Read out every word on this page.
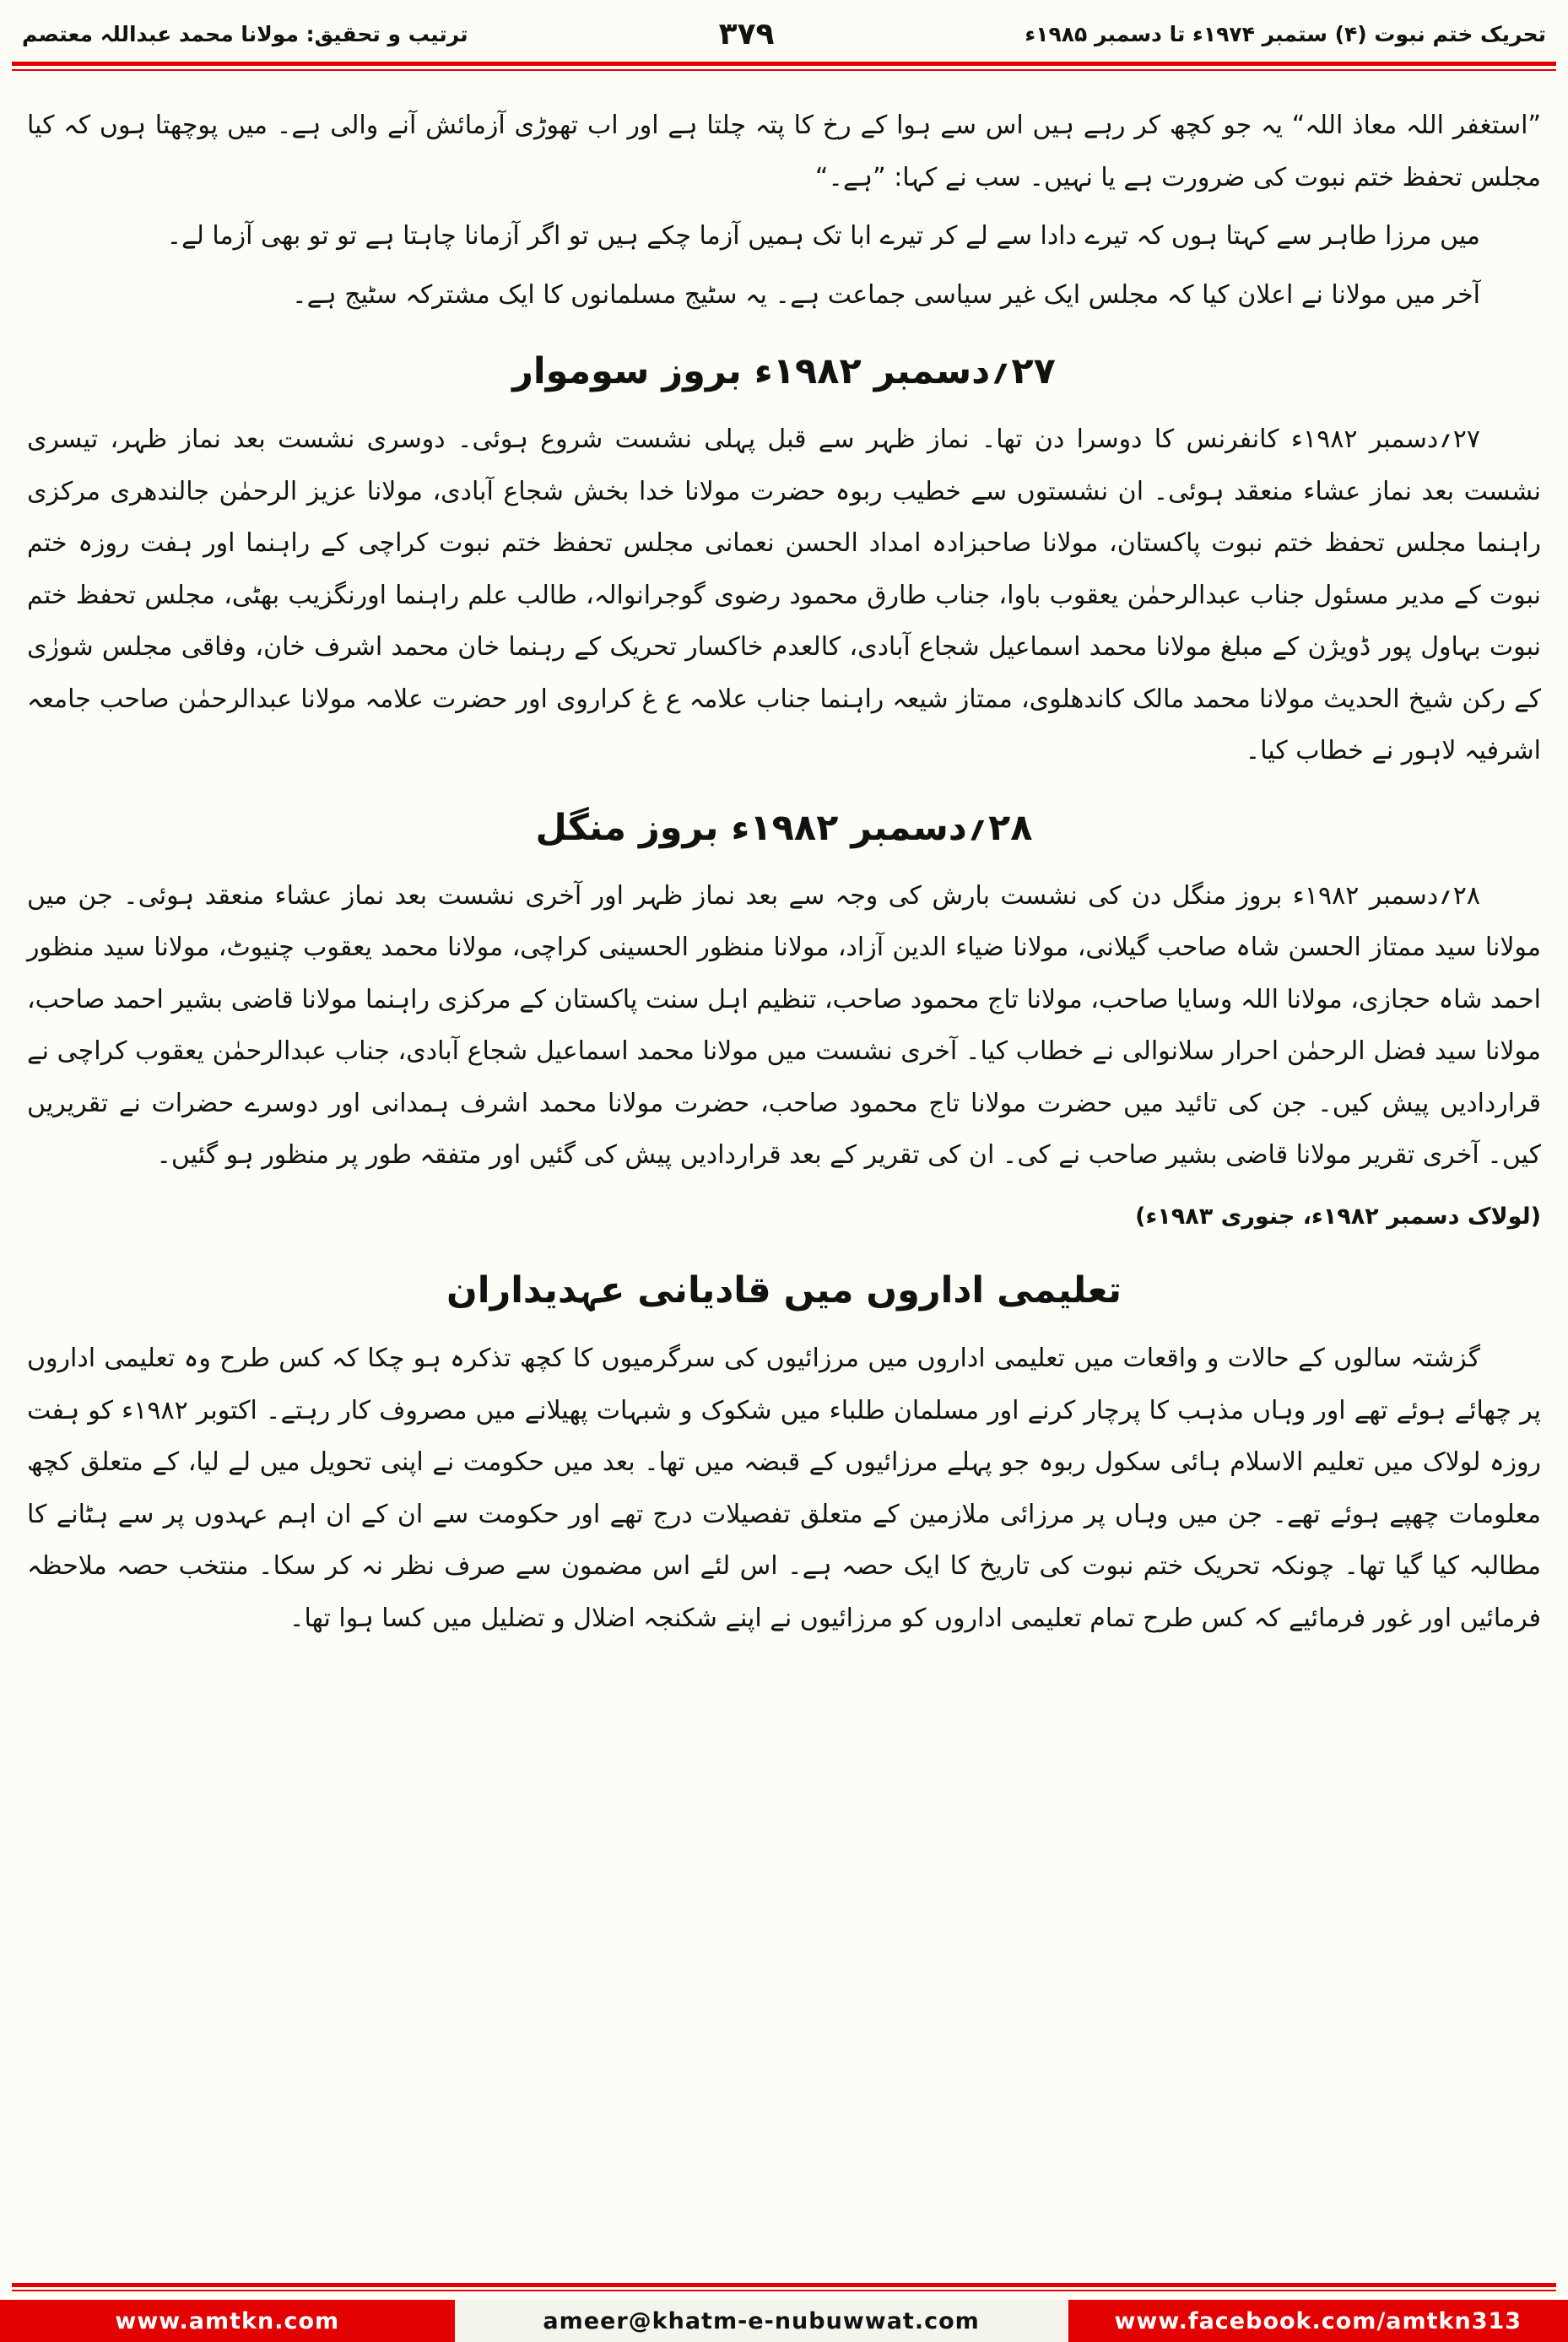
تحریک ختم نبوت (۴) ستمبر ۱۹۷۴ء تا دسمبر ۱۹۸۵ء
۳۷۹
ترتیب و تحقیق: مولانا محمد عبداللہ معتصم

”استغفر اللہ معاذ اللہ“ یہ جو کچھ کر رہے ہیں اس سے ہوا کے رخ کا پتہ چلتا ہے اور اب تھوڑی آزمائش آنے والی ہے۔ میں پوچھتا ہوں کہ کیا مجلس تحفظ ختم نبوت کی ضرورت ہے یا نہیں۔ سب نے کہا: ”ہے۔“

میں مرزا طاہر سے کہتا ہوں کہ تیرے دادا سے لے کر تیرے ابا تک ہمیں آزما چکے ہیں تو اگر آزمانا چاہتا ہے تو تو بھی آزما لے۔

آخر میں مولانا نے اعلان کیا کہ مجلس ایک غیر سیاسی جماعت ہے۔ یہ سٹیج مسلمانوں کا ایک مشترکہ سٹیج ہے۔

۲۷؍دسمبر ۱۹۸۲ء بروز سوموار

۲۷؍دسمبر ۱۹۸۲ء کانفرنس کا دوسرا دن تھا۔ نماز ظہر سے قبل پہلی نشست شروع ہوئی۔ دوسری نشست بعد نماز ظہر، تیسری نشست بعد نماز عشاء منعقد ہوئی۔ ان نشستوں سے خطیب ربوہ حضرت مولانا خدا بخش شجاع آبادی، مولانا عزیز الرحمٰن جالندھری مرکزی راہنما مجلس تحفظ ختم نبوت پاکستان، مولانا صاحبزادہ امداد الحسن نعمانی مجلس تحفظ ختم نبوت کراچی کے راہنما اور ہفت روزہ ختم نبوت کے مدیر مسئول جناب عبدالرحمٰن یعقوب باوا، جناب طارق محمود رضوی گوجرانوالہ، طالب علم راہنما اورنگزیب بھٹی، مجلس تحفظ ختم نبوت بہاول پور ڈویژن کے مبلغ مولانا محمد اسماعیل شجاع آبادی، کالعدم خاکسار تحریک کے رہنما خان محمد اشرف خان، وفاقی مجلس شورٰی کے رکن شیخ الحدیث مولانا محمد مالک کاندھلوی، ممتاز شیعہ راہنما جناب علامہ ع غ کراروی اور حضرت علامہ مولانا عبدالرحمٰن صاحب جامعہ اشرفیہ لاہور نے خطاب کیا۔

۲۸؍دسمبر ۱۹۸۲ء بروز منگل

۲۸؍دسمبر ۱۹۸۲ء بروز منگل دن کی نشست بارش کی وجہ سے بعد نماز ظہر اور آخری نشست بعد نماز عشاء منعقد ہوئی۔ جن میں مولانا سید ممتاز الحسن شاہ صاحب گیلانی، مولانا ضیاء الدین آزاد، مولانا منظور الحسینی کراچی، مولانا محمد یعقوب چنیوٹ، مولانا سید منظور احمد شاہ حجازی، مولانا اللہ وسایا صاحب، مولانا تاج محمود صاحب، تنظیم اہل سنت پاکستان کے مرکزی راہنما مولانا قاضی بشیر احمد صاحب، مولانا سید فضل الرحمٰن احرار سلانوالی نے خطاب کیا۔ آخری نشست میں مولانا محمد اسماعیل شجاع آبادی، جناب عبدالرحمٰن یعقوب کراچی نے قراردادیں پیش کیں۔ جن کی تائید میں حضرت مولانا تاج محمود صاحب، حضرت مولانا محمد اشرف ہمدانی اور دوسرے حضرات نے تقریریں کیں۔ آخری تقریر مولانا قاضی بشیر صاحب نے کی۔ ان کی تقریر کے بعد قراردادیں پیش کی گئیں اور متفقہ طور پر منظور ہو گئیں۔

(لولاک دسمبر ۱۹۸۲ء، جنوری ۱۹۸۳ء)

تعلیمی اداروں میں قادیانی عہدیداران

گزشتہ سالوں کے حالات و واقعات میں تعلیمی اداروں میں مرزائیوں کی سرگرمیوں کا کچھ تذکرہ ہو چکا کہ کس طرح وہ تعلیمی اداروں پر چھائے ہوئے تھے اور وہاں مذہب کا پرچار کرنے اور مسلمان طلباء میں شکوک و شبہات پھیلانے میں مصروف کار رہتے۔ اکتوبر ۱۹۸۲ء کو ہفت روزہ لولاک میں تعلیم الاسلام ہائی سکول ربوہ جو پہلے مرزائیوں کے قبضہ میں تھا۔ بعد میں حکومت نے اپنی تحویل میں لے لیا، کے متعلق کچھ معلومات چھپے ہوئے تھے۔ جن میں وہاں پر مرزائی ملازمین کے متعلق تفصیلات درج تھے اور حکومت سے ان کے ان اہم عہدوں پر سے ہٹانے کا مطالبہ کیا گیا تھا۔ چونکہ تحریک ختم نبوت کی تاریخ کا ایک حصہ ہے۔ اس لئے اس مضمون سے صرف نظر نہ کر سکا۔ منتخب حصہ ملاحظہ فرمائیں اور غور فرمائیے کہ کس طرح تمام تعلیمی اداروں کو مرزائیوں نے اپنے شکنجہ اضلال و تضلیل میں کسا ہوا تھا۔

www.amtkn.com	ameer@khatm-e-nubuwwat.com	www.facebook.com/amtkn313
